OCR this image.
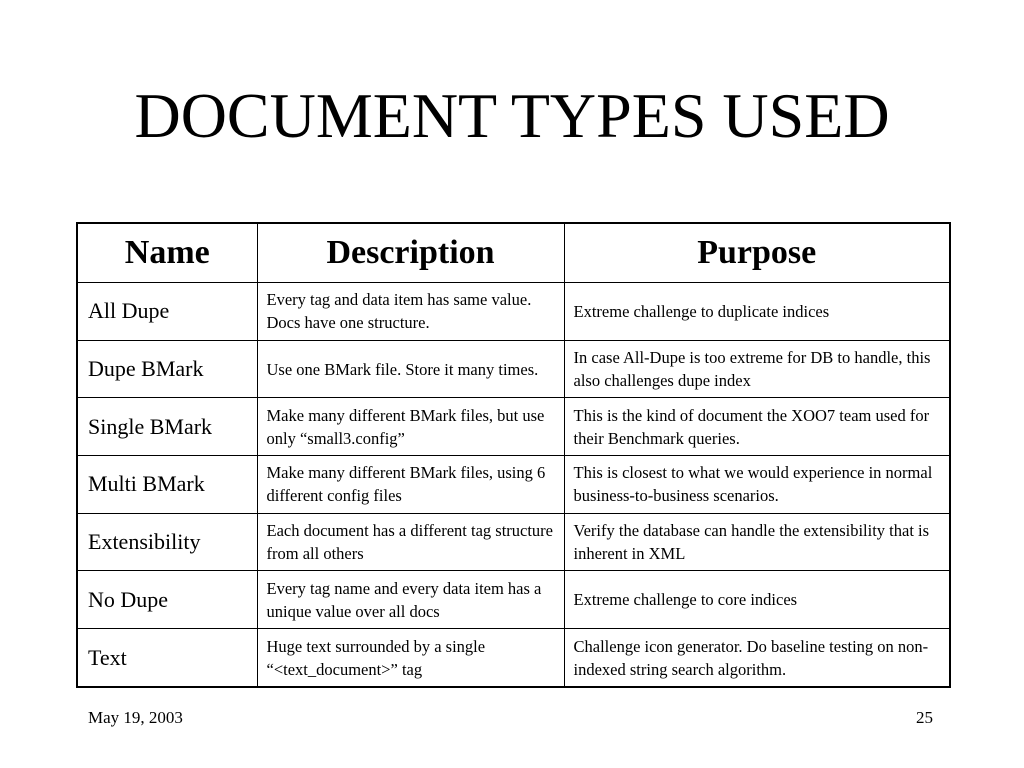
DOCUMENT TYPES USED
Name	Description	Purpose
All Dupe	Every tag and data item has same value. Docs have one structure.	Extreme challenge to duplicate indices
Dupe BMark	Use one BMark file. Store it many times.	In case All-Dupe is too extreme for DB to handle, this also challenges dupe index
Single BMark	Make many different BMark files, but use only “small3.config”	This is the kind of document the XOO7 team used for their Benchmark queries.
Multi BMark	Make many different BMark files, using 6 different config files	This is closest to what we would experience in normal business-to-business scenarios.
Extensibility	Each document has a different tag structure from all others	Verify the database can handle the extensibility that is inherent in XML
No Dupe	Every tag name and every data item has a unique value over all docs	Extreme challenge to core indices
Text	Huge text surrounded by a single “<text_document>” tag	Challenge icon generator. Do baseline testing on non-indexed string search algorithm.
May 19, 2003	25
